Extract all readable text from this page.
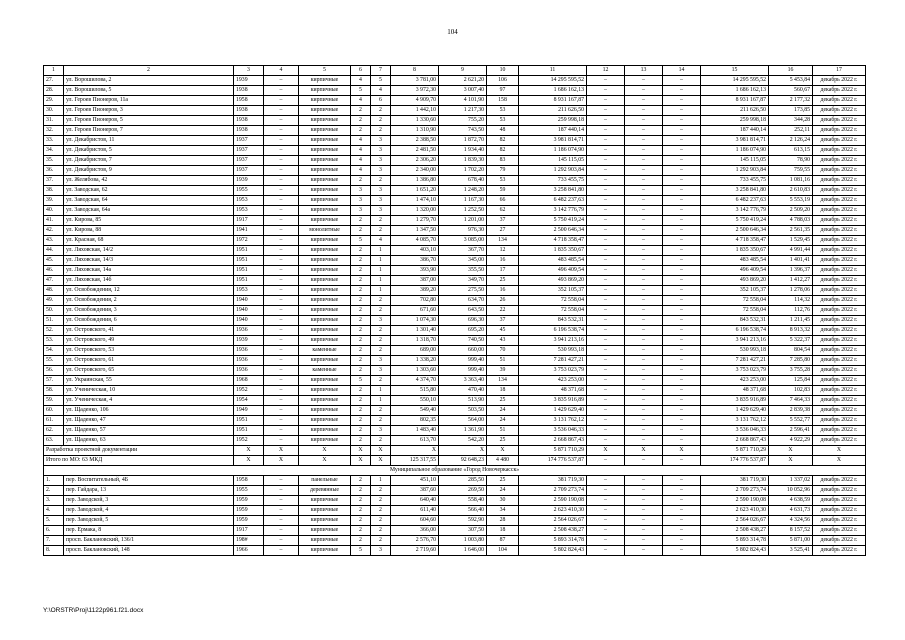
104
1	2	3	4	5	6	7	8	9	10	11	12	13	14	15	16	17
27.	ул. Ворошилова, 2	1939	–	кирпичные	4	5	3 781,00	2 621,20	106	14 295 595,52	–	–	–	14 295 595,52	5 453,84	декабрь 2022 г.
28.	ул. Ворошилова, 5	1938	–	кирпичные	5	4	3 972,30	3 007,40	97	1 686 162,13	–	–	–	1 686 162,13	560,67	декабрь 2022 г.
29.	ул. Героев Пионеров, 11а	1958	–	кирпичные	4	6	4 909,70	4 101,90	158	8 931 167,87	–	–	–	8 931 167,87	2 177,32	декабрь 2022 г.
30.	ул. Героев Пионеров, 3	1938	–	кирпичные	2	2	1 442,10	1 217,30	53	211 626,50	–	–	–	211 626,50	173,85	декабрь 2022 г.
31.	ул. Героев Пионеров, 5	1938	–	кирпичные	2	2	1 330,60	755,20	53	259 998,18	–	–	–	259 998,18	344,28	декабрь 2022 г.
32.	ул. Героев Пионеров, 7	1938	–	кирпичные	2	2	1 310,90	743,50	48	187 440,14	–	–	–	187 440,14	252,11	декабрь 2022 г.
33.	ул. Декабристов, 11	1937	–	кирпичные	4	3	2 388,50	1 872,70	82	3 981 814,71	–	–	–	3 981 814,71	2 126,24	декабрь 2022 г.
34.	ул. Декабристов, 5	1937	–	кирпичные	4	3	2 481,50	1 934,40	82	1 186 074,90	–	–	–	1 186 074,90	613,15	декабрь 2022 г.
35.	ул. Декабристов, 7	1937	–	кирпичные	4	3	2 306,20	1 839,30	83	145 115,05	–	–	–	145 115,05	78,90	декабрь 2022 г.
36.	ул. Декабристов, 9	1937	–	кирпичные	4	3	2 340,00	1 702,20	79	1 292 903,84	–	–	–	1 292 903,84	759,55	декабрь 2022 г.
37.	ул. Желябова, 42	1939	–	кирпичные	2	2	1 386,80	678,40	53	733 455,75	–	–	–	733 455,75	1 081,16	декабрь 2022 г.
38.	ул. Заводская, 62	1955	–	кирпичные	3	3	1 651,20	1 248,20	59	3 258 841,80	–	–	–	3 258 841,80	2 610,83	декабрь 2022 г.
39.	ул. Заводская, 64	1953	–	кирпичные	3	3	1 474,10	1 167,30	66	6 482 237,63	–	–	–	6 482 237,63	5 553,19	декабрь 2022 г.
40.	ул. Заводская, 64а	1953	–	кирпичные	3	3	1 320,00	1 252,50	62	3 142 776,79	–	–	–	3 142 776,79	2 509,20	декабрь 2022 г.
41.	ул. Кирова, 85	1917	–	кирпичные	2	2	1 279,70	1 201,00	37	5 750 419,24	–	–	–	5 750 419,24	4 788,03	декабрь 2022 г.
42.	ул. Кирова, 88	1941	–	монолитные	2	2	1 347,50	976,30	27	2 500 646,34	–	–	–	2 500 646,34	2 561,35	декабрь 2022 г.
43.	ул. Красная, 68	1972	–	кирпичные	5	4	4 085,70	3 085,00	134	4 718 358,47	–	–	–	4 718 358,47	1 529,45	декабрь 2022 г.
44.	ул. Ляховская, 14/2	1951	–	кирпичные	2	1	403,10	367,70	12	1 835 350,67	–	–	–	1 835 350,67	4 991,44	декабрь 2022 г.
45.	ул. Ляховская, 14/3	1951	–	кирпичные	2	1	386,70	345,00	16	483 485,54	–	–	–	483 485,54	1 401,41	декабрь 2022 г.
46.	ул. Ляховская, 14а	1951	–	кирпичные	2	1	393,90	355,50	17	496 409,54	–	–	–	496 409,54	1 396,37	декабрь 2022 г.
47.	ул. Ляховская, 14б	1951	–	кирпичные	2	1	387,00	349,70	25	493 869,20	–	–	–	493 869,20	1 412,27	декабрь 2022 г.
48.	ул. Освобождения, 12	1953	–	кирпичные	2	1	389,20	275,50	16	352 105,37	–	–	–	352 105,37	1 278,06	декабрь 2022 г.
49.	ул. Освобождения, 2	1940	–	кирпичные	2	2	702,80	634,70	26	72 558,04	–	–	–	72 558,04	114,32	декабрь 2022 г.
50.	ул. Освобождения, 3	1940	–	кирпичные	2	2	671,60	643,50	22	72 558,04	–	–	–	72 558,04	112,76	декабрь 2022 г.
51.	ул. Освобождения, 6	1940	–	кирпичные	2	3	1 074,30	696,30	37	843 532,31	–	–	–	843 532,31	1 211,45	декабрь 2022 г.
52.	ул. Островского, 41	1936	–	кирпичные	2	2	1 301,40	695,20	45	6 196 538,74	–	–	–	6 196 538,74	8 913,32	декабрь 2022 г.
53.	ул. Островского, 49	1939	–	кирпичные	2	2	1 318,70	740,50	43	3 941 213,16	–	–	–	3 941 213,16	5 322,37	декабрь 2022 г.
54.	ул. Островского, 53	1936	–	каменные	2	2	689,00	660,00	70	530 993,18	–	–	–	530 993,18	804,54	декабрь 2022 г.
55.	ул. Островского, 61	1936	–	кирпичные	2	3	1 338,20	999,40	51	7 281 427,21	–	–	–	7 281 427,21	7 285,80	декабрь 2022 г.
56.	ул. Островского, 65	1936	–	каменные	2	3	1 303,60	999,40	39	3 753 023,79	–	–	–	3 753 023,79	3 755,28	декабрь 2022 г.
57.	ул. Украинская, 55	1968	–	кирпичные	5	2	4 374,70	3 363,40	134	423 253,00	–	–	–	423 253,00	125,84	декабрь 2022 г.
58.	ул. Ученическая, 10	1952	–	кирпичные	2	1	515,80	470,40	18	48 371,68	–	–	–	48 371,68	102,83	декабрь 2022 г.
59.	ул. Ученическая, 4	1954	–	кирпичные	2	1	550,10	513,90	25	3 835 916,89	–	–	–	3 835 916,89	7 464,33	декабрь 2022 г.
60.	ул. Щаденко, 106	1949	–	кирпичные	2	2	549,40	503,50	24	1 429 629,40	–	–	–	1 429 629,40	2 839,38	декабрь 2022 г.
61.	ул. Щаденко, 47	1951	–	кирпичные	2	2	802,35	564,00	24	3 131 762,12	–	–	–	3 131 762,12	5 552,77	декабрь 2022 г.
62.	ул. Щаденко, 57	1951	–	кирпичные	2	3	1 483,40	1 361,90	51	3 536 046,33	–	–	–	3 536 046,33	2 596,41	декабрь 2022 г.
63.	ул. Щаденко, 63	1952	–	кирпичные	2	2	613,70	542,20	25	2 668 867,43	–	–	–	2 668 867,43	4 922,29	декабрь 2022 г.
Разработка проектной документации		X	X	X	X	X	X	X	X	5 871 710,29	X	X	X	5 871 710,29	X	X
Итого по МО: 63 МКД		X	X	X	X	X	125 317,55	92 648,23	4 480	174 776 537,87	–	–	–	174 776 537,87	X	X
Муниципальное образование «Город Новочеркасск»																
1.	пер. Воспитательный, 4Б	1958	–	панельные	2	1	451,10	285,50	25	381 719,30	–	–	–	381 719,30	1 337,02	декабрь 2022 г.
2.	пер. Гайдара, 13	1955	–	деревянные	2	2	387,60	269,50	24	2 709 273,74	–	–	–	2 709 273,74	10 052,96	декабрь 2022 г.
3.	пер. Заводской, 3	1959	–	кирпичные	2	2	640,40	558,40	30	2 590 190,08	–	–	–	2 590 190,08	4 638,59	декабрь 2022 г.
4.	пер. Заводской, 4	1959	–	кирпичные	2	2	611,40	566,40	34	2 623 410,30	–	–	–	2 623 410,30	4 631,73	декабрь 2022 г.
5.	пер. Заводской, 5	1959	–	кирпичные	2	2	604,60	592,90	28	2 564 026,67	–	–	–	2 564 026,67	4 324,56	декабрь 2022 г.
6.	пер. Ермака, 8	1917	–	кирпичные	2	2	366,00	307,50	18	2 508 438,27	–	–	–	2 508 438,27	8 157,52	декабрь 2022 г.
7.	просп. Баклановский, 136/1	198#	–	кирпичные	2	2	2 576,70	1 003,80	87	5 893 314,78	–	–	–	5 893 314,78	5 871,00	декабрь 2022 г.
8.	просп. Баклановский, 148	1966	–	кирпичные	5	3	2 719,60	1 646,00	104	5 802 824,43	–	–	–	5 802 824,43	3 525,41	декабрь 2022 г.
Y:\ORSTR\Proj\1122p961.f21.docx
